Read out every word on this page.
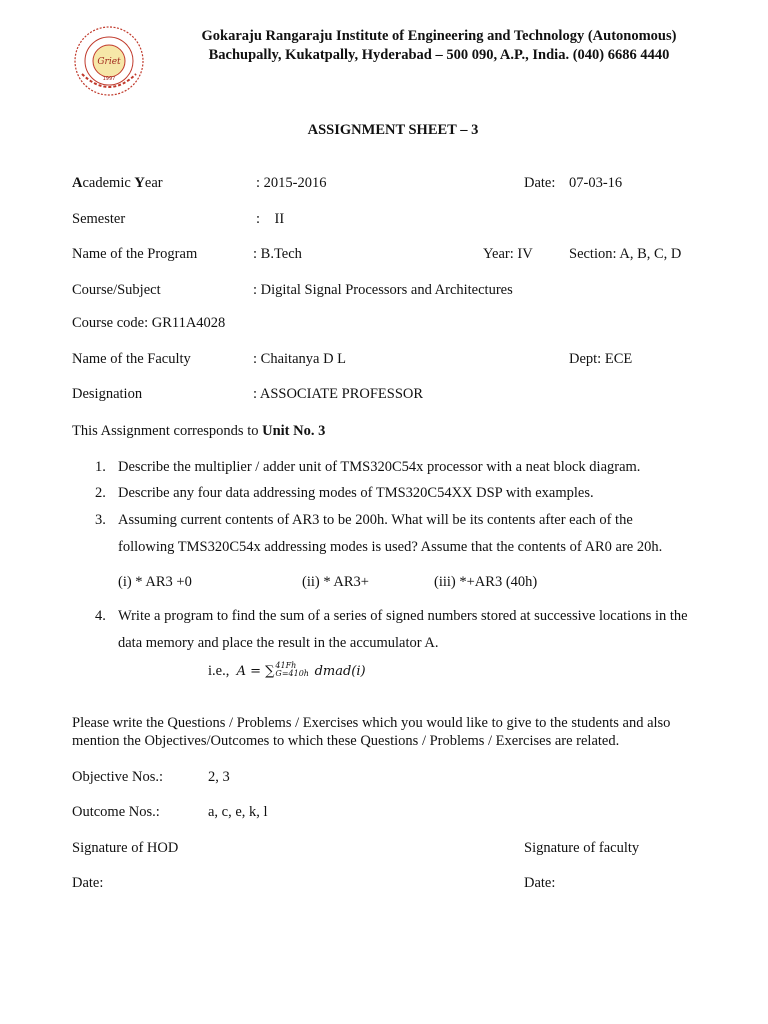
Griet
1997
Gokaraju Rangaraju Institute of Engineering and Technology (Autonomous)
Bachupally, Kukatpally, Hyderabad – 500 090, A.P., India. (040) 6686 4440
ASSIGNMENT SHEET – 3
Academic Year	: 2015-2016	Date: 07-03-16
Semester	:    II
Name of the Program	: B.Tech	Year: IV	Section: A, B, C, D
Course/Subject	: Digital Signal Processors and Architectures
Course code: GR11A4028
Name of the Faculty	: Chaitanya D L	Dept: ECE
Designation	: ASSOCIATE PROFESSOR
This Assignment corresponds to Unit No. 3
1. Describe the multiplier / adder unit of TMS320C54x processor with a neat block diagram.
2. Describe any four data addressing modes of TMS320C54XX DSP with examples.
3. Assuming current contents of AR3 to be 200h. What will be its contents after each of the
following TMS320C54x addressing modes is used? Assume that the contents of AR0 are 20h.
(i) * AR3 +0	(ii) * AR3+	(iii) *+AR3 (40h)
4. Write a program to find the sum of a series of signed numbers stored at successive locations in the
data memory and place the result in the accumulator A.
i.e., A = ∑ 41Fh
G=410h dmad(i)
Please write the Questions / Problems / Exercises which you would like to give to the students and also
mention the Objectives/Outcomes to which these Questions / Problems / Exercises are related.
Objective Nos.:	2, 3
Outcome Nos.:	a, c, e, k, l
Signature of HOD	Signature of faculty
Date:	Date:
